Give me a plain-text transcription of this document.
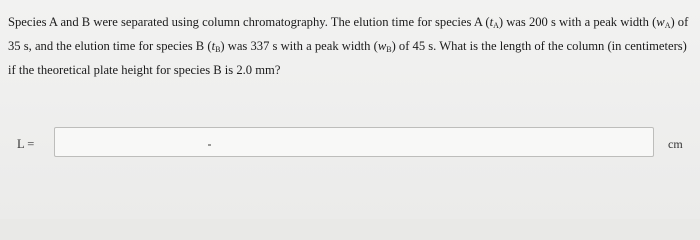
Species A and B were separated using column chromatography. The elution time for species A $(t_A)$ was 200 s with a peak width $(w_A)$ of 35 s, and the elution time for species B $(t_B)$ was 337 s with a peak width $(w_B)$ of 45 s. What is the length of the column (in centimeters) if the theoretical plate height for species B is 2.0 mm?
L =	cm
